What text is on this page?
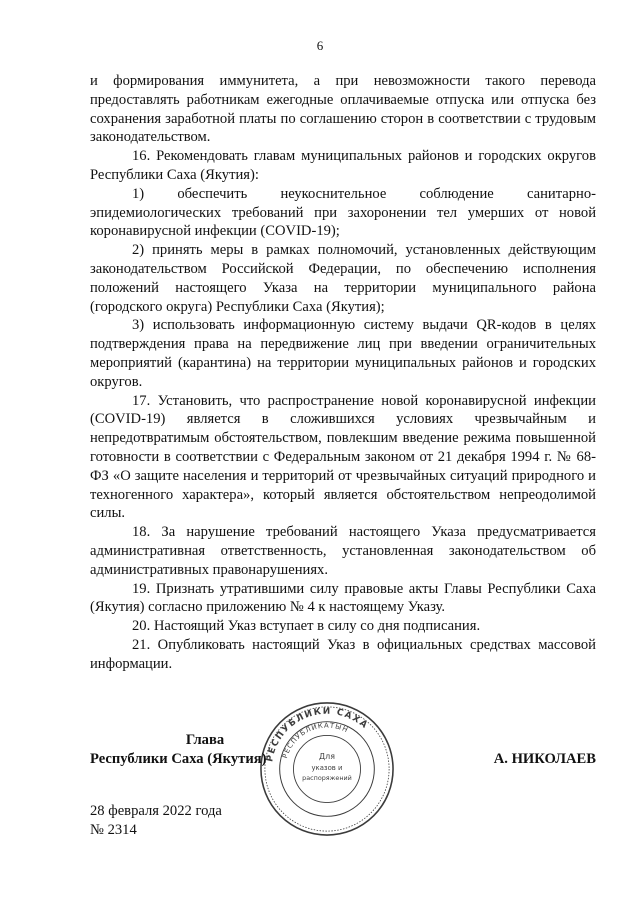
6

и формирования иммунитета, а при невозможности такого перевода предоставлять работникам ежегодные оплачиваемые отпуска или отпуска без сохранения заработной платы по соглашению сторон в соответствии с трудовым законодательством.

16. Рекомендовать главам муниципальных районов и городских округов Республики Саха (Якутия):

1) обеспечить неукоснительное соблюдение санитарно-эпидемиологических требований при захоронении тел умерших от новой коронавирусной инфекции (COVID-19);

2) принять меры в рамках полномочий, установленных действующим законодательством Российской Федерации, по обеспечению исполнения положений настоящего Указа на территории муниципального района (городского округа) Республики Саха (Якутия);

3) использовать информационную систему выдачи QR-кодов в целях подтверждения права на передвижение лиц при введении ограничительных мероприятий (карантина) на территории муниципальных районов и городских округов.

17. Установить, что распространение новой коронавирусной инфекции (COVID-19) является в сложившихся условиях чрезвычайным и непредотвратимым обстоятельством, повлекшим введение режима повышенной готовности в соответствии с Федеральным законом от 21 декабря 1994 г. № 68-ФЗ «О защите населения и территорий от чрезвычайных ситуаций природного и техногенного характера», который является обстоятельством непреодолимой силы.

18. За нарушение требований настоящего Указа предусматривается административная ответственность, установленная законодательством об административных правонарушениях.

19. Признать утратившими силу правовые акты Главы Республики Саха (Якутия) согласно приложению № 4 к настоящему Указу.

20. Настоящий Указ вступает в силу со дня подписания.

21. Опубликовать настоящий Указ в официальных средствах массовой информации.

Глава
Республики Саха (Якутия)
РЕСПУБЛИКИ САХА
РЕСПУБЛИКАТЫН
Для
указов и
распоряжений
А. НИКОЛАЕВ
28 февраля 2022 года
№ 2314
